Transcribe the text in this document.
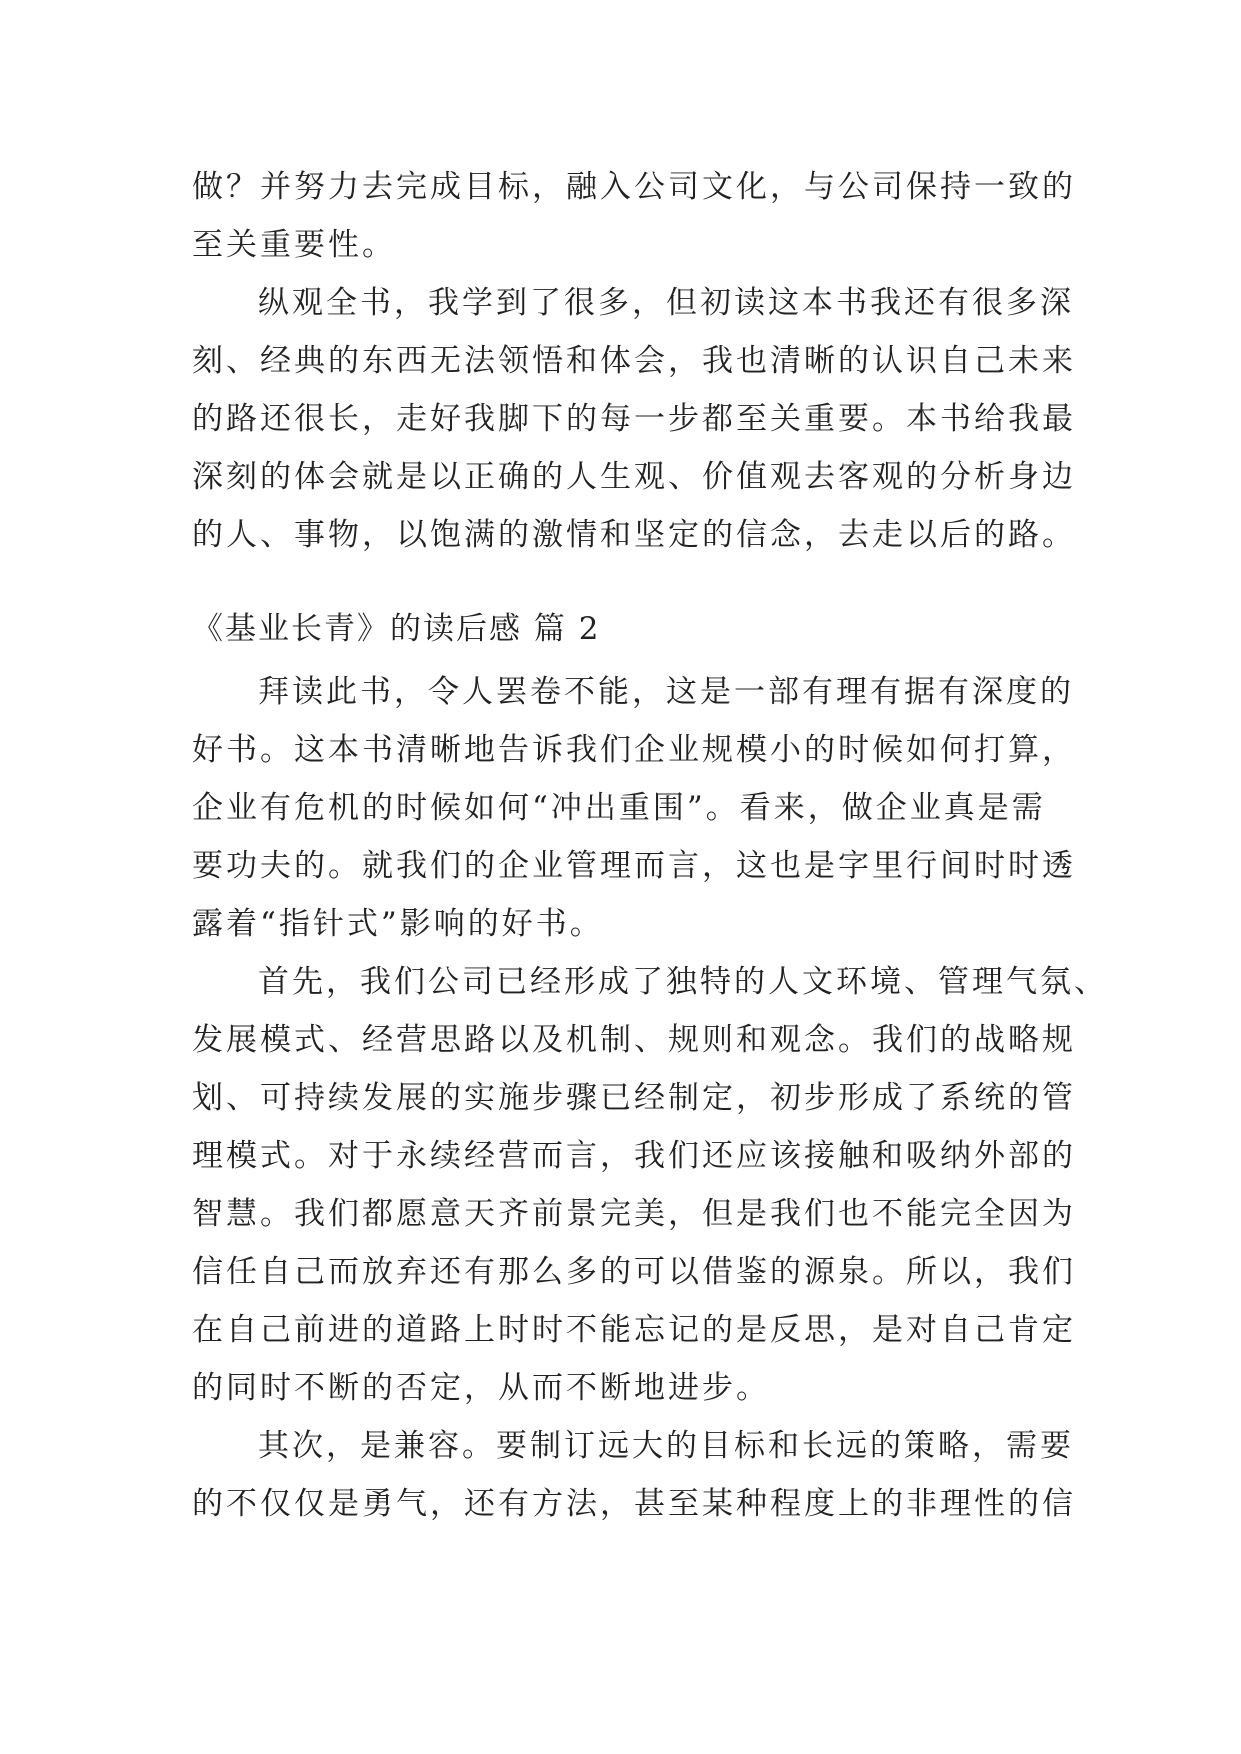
做？并努力去完成目标，融入公司文化，与公司保持一致的
至关重要性。
纵观全书，我学到了很多，但初读这本书我还有很多深
刻、经典的东西无法领悟和体会，我也清晰的认识自己未来
的路还很长，走好我脚下的每一步都至关重要。本书给我最
深刻的体会就是以正确的人生观、价值观去客观的分析身边
的人、事物，以饱满的激情和坚定的信念，去走以后的路。
《基业长青》的读后感 篇 2
拜读此书，令人罢卷不能，这是一部有理有据有深度的
好书。这本书清晰地告诉我们企业规模小的时候如何打算，
企业有危机的时候如何“冲出重围”。看来，做企业真是需
要功夫的。就我们的企业管理而言，这也是字里行间时时透
露着“指针式”影响的好书。
首先，我们公司已经形成了独特的人文环境、管理气氛、
发展模式、经营思路以及机制、规则和观念。我们的战略规
划、可持续发展的实施步骤已经制定，初步形成了系统的管
理模式。对于永续经营而言，我们还应该接触和吸纳外部的
智慧。我们都愿意天齐前景完美，但是我们也不能完全因为
信任自己而放弃还有那么多的可以借鉴的源泉。所以，我们
在自己前进的道路上时时不能忘记的是反思，是对自己肯定
的同时不断的否定，从而不断地进步。
其次，是兼容。要制订远大的目标和长远的策略，需要
的不仅仅是勇气，还有方法，甚至某种程度上的非理性的信
